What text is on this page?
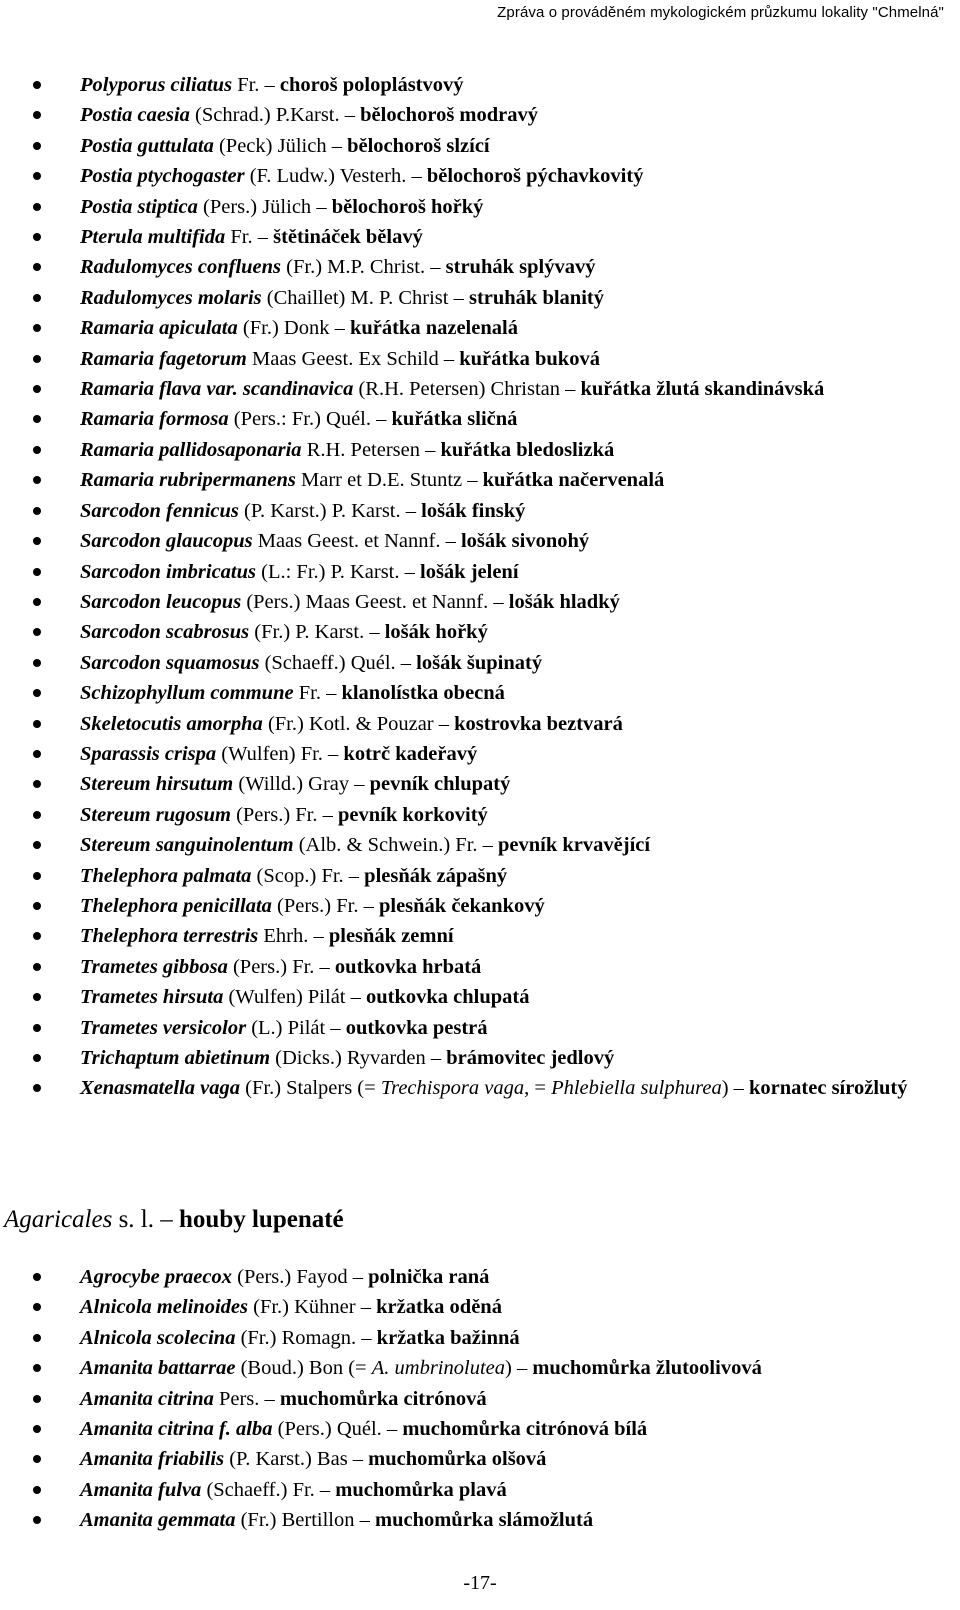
Zpráva o prováděném mykologickém průzkumu lokality "Chmelná"
Polyporus ciliatus Fr. – choroš poloplástvový
Postia caesia (Schrad.) P.Karst. – bělochoroš modravý
Postia guttulata (Peck) Jülich – bělochoroš slzící
Postia ptychogaster (F. Ludw.) Vesterh. – bělochoroš pýchavkovitý
Postia stiptica (Pers.) Jülich – bělochoroš hořký
Pterula multifida Fr. – štětináček bělavý
Radulomyces confluens (Fr.) M.P. Christ. – struhák splývavý
Radulomyces molaris (Chaillet) M. P. Christ – struhák blanitý
Ramaria apiculata (Fr.) Donk – kuřátka nazelenalá
Ramaria fagetorum Maas Geest. Ex Schild – kuřátka buková
Ramaria flava var. scandinavica (R.H. Petersen) Christan – kuřátka žlutá skandinávská
Ramaria formosa (Pers.: Fr.) Quél. – kuřátka sličná
Ramaria pallidosaponaria R.H. Petersen – kuřátka bledoslizká
Ramaria rubripermanens Marr et D.E. Stuntz – kuřátka načervenalá
Sarcodon fennicus (P. Karst.) P. Karst. – lošák finský
Sarcodon glaucopus Maas Geest. et Nannf. – lošák sivonohý
Sarcodon imbricatus (L.: Fr.) P. Karst. – lošák jelení
Sarcodon leucopus (Pers.) Maas Geest. et Nannf. – lošák hladký
Sarcodon scabrosus (Fr.) P. Karst. – lošák hořký
Sarcodon squamosus (Schaeff.) Quél. – lošák šupinatý
Schizophyllum commune Fr. – klanolístka obecná
Skeletocutis amorpha (Fr.) Kotl. & Pouzar – kostrovka beztvará
Sparassis crispa (Wulfen) Fr. – kotrč kadeřavý
Stereum hirsutum (Willd.) Gray – pevník chlupatý
Stereum rugosum (Pers.) Fr. – pevník korkovitý
Stereum sanguinolentum (Alb. & Schwein.) Fr. – pevník krvavějící
Thelephora palmata (Scop.) Fr. – plesňák zápašný
Thelephora penicillata (Pers.) Fr. – plesňák čekankový
Thelephora terrestris Ehrh. – plesňák zemní
Trametes gibbosa (Pers.) Fr. – outkovka hrbatá
Trametes hirsuta (Wulfen) Pilát – outkovka chlupatá
Trametes versicolor (L.) Pilát – outkovka pestrá
Trichaptum abietinum (Dicks.) Ryvarden – brámovitec jedlový
Xenasmatella vaga (Fr.) Stalpers (= Trechispora vaga, = Phlebiella sulphurea) – kornatec sírožlutý
Agaricales s. l. – houby lupenaté
Agrocybe praecox (Pers.) Fayod – polnička raná
Alnicola melinoides (Fr.) Kühner – kržatka oděná
Alnicola scolecina (Fr.) Romagn. – kržatka bažinná
Amanita battarrae (Boud.) Bon (= A. umbrinolutea) – muchomůrka žlutoolivová
Amanita citrina Pers. – muchomůrka citrónová
Amanita citrina f. alba (Pers.) Quél. – muchomůrka citrónová bílá
Amanita friabilis (P. Karst.) Bas – muchomůrka olšová
Amanita fulva (Schaeff.) Fr. – muchomůrka plavá
Amanita gemmata (Fr.) Bertillon – muchomůrka slámožlutá
-17-
